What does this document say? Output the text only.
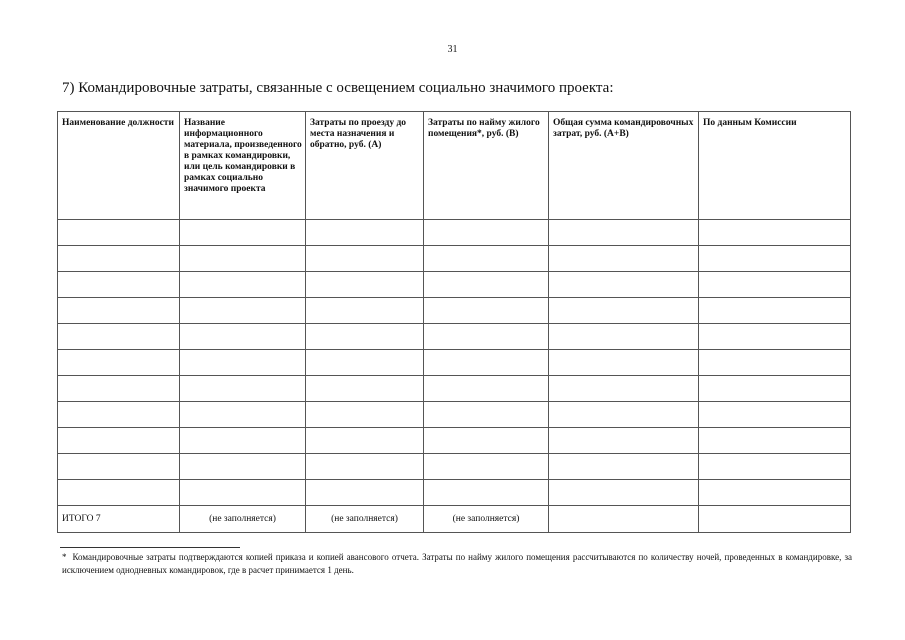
31
7) Командировочные затраты, связанные с освещением социально значимого проекта:
Наименование должности	Название информационного материала, произведенного в рамках командировки, или цель командировки в рамках социально значимого проекта	Затраты по проезду до места назначения и обратно, руб. (А)	Затраты по найму жилого помещения*, руб. (В)	Общая сумма командировочных затрат, руб. (А+В)	По данным Комиссии

ИТОГО 7	(не заполняется)	(не заполняется)	(не заполняется)		
* Командировочные затраты подтверждаются копией приказа и копией авансового отчета. Затраты по найму жилого помещения рассчитываются по количеству ночей, проведенных в командировке, за исключением однодневных командировок, где в расчет принимается 1 день.
